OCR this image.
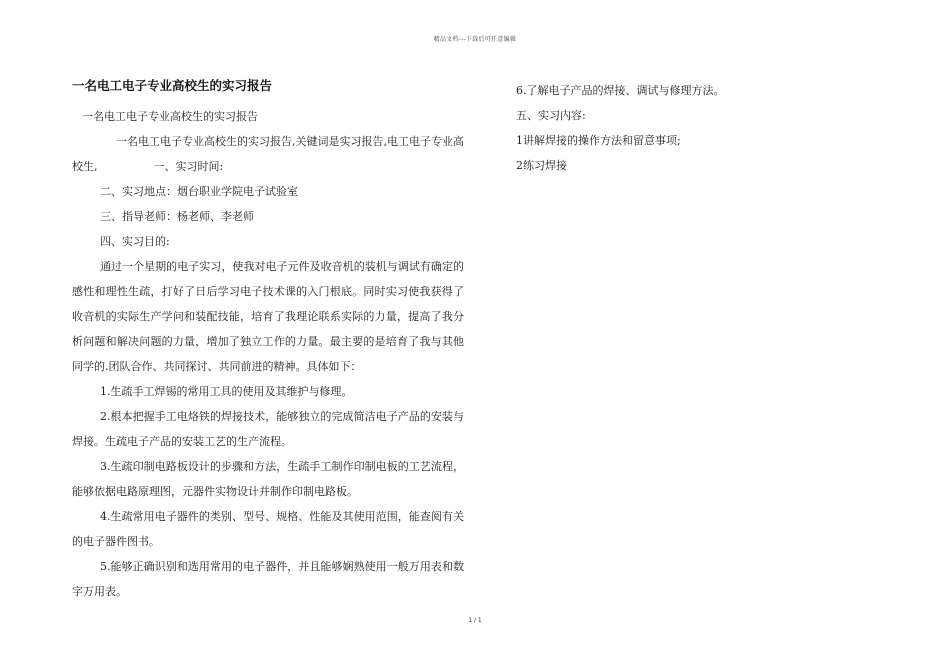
精品文档---下载后可任意编辑
一名电工电子专业高校生的实习报告

一名电工电子专业高校生的实习报告

一名电工电子专业高校生的实习报告,关键词是实习报告,电工电子专业高校生,                一、实习时间:

二、实习地点：烟台职业学院电子试验室

三、指导老师：杨老师、李老师

四、实习目的:

通过一个星期的电子实习，使我对电子元件及收音机的装机与调试有确定的感性和理性生疏，打好了日后学习电子技术课的入门根底。同时实习使我获得了收音机的实际生产学问和装配技能，培育了我理论联系实际的力量，提高了我分析问题和解决问题的力量，增加了独立工作的力量。最主要的是培育了我与其他同学的.团队合作、共同探讨、共同前进的精神。具体如下：

1.生疏手工焊锡的常用工具的使用及其维护与修理。

2.根本把握手工电烙铁的焊接技术，能够独立的完成简洁电子产品的安装与焊接。生疏电子产品的安装工艺的生产流程。

3.生疏印制电路板设计的步骤和方法，生疏手工制作印制电板的工艺流程，能够依据电路原理图，元器件实物设计并制作印制电路板。

4.生疏常用电子器件的类别、型号、规格、性能及其使用范围，能查阅有关的电子器件图书。

5.能够正确识别和选用常用的电子器件，并且能够娴熟使用一般万用表和数字万用表。

6.了解电子产品的焊接、调试与修理方法。

五、实习内容:

1讲解焊接的操作方法和留意事项;

2练习焊接

1 / 1
